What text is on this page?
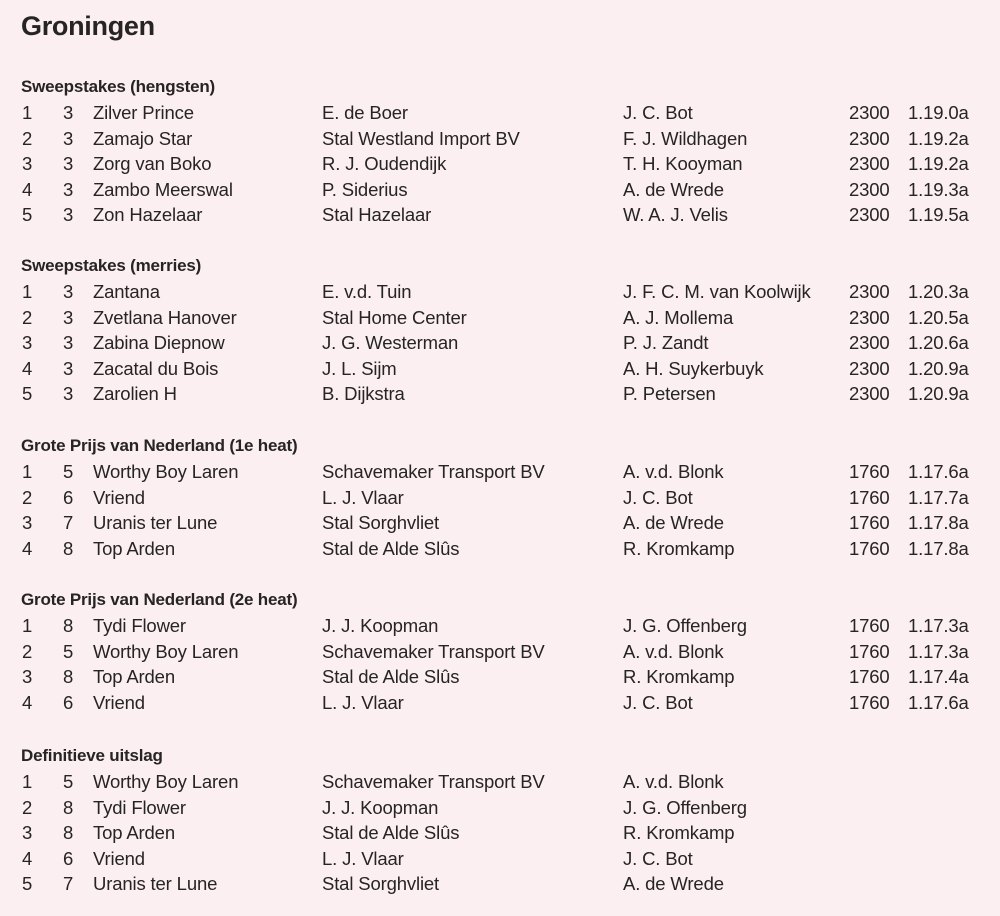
Groningen
Sweepstakes (hengsten)
1 3 Zilver Prince	E. de Boer	J. C. Bot	2300 1.19.0a
2 3 Zamajo Star	Stal Westland Import BV	F. J. Wildhagen	2300 1.19.2a
3 3 Zorg van Boko	R. J. Oudendijk	T. H. Kooyman	2300 1.19.2a
4 3 Zambo Meerswal	P. Siderius	A. de Wrede	2300 1.19.3a
5 3 Zon Hazelaar	Stal Hazelaar	W. A. J. Velis	2300 1.19.5a
Sweepstakes (merries)
1 3 Zantana	E. v.d. Tuin	J. F. C. M. van Koolwijk 2300 1.20.3a
2 3 Zvetlana Hanover	Stal Home Center	A. J. Mollema	2300 1.20.5a
3 3 Zabina Diepnow	J. G. Westerman	P. J. Zandt	2300 1.20.6a
4 3 Zacatal du Bois	J. L. Sijm	A. H. Suykerbuyk	2300 1.20.9a
5 3 Zarolien H	B. Dijkstra	P. Petersen	2300 1.20.9a
Grote Prijs van Nederland (1e heat)
1 5 Worthy Boy Laren	Schavemaker Transport BV	A. v.d. Blonk	1760 1.17.6a
2 6 Vriend	L. J. Vlaar	J. C. Bot	1760 1.17.7a
3 7 Uranis ter Lune	Stal Sorghvliet	A. de Wrede	1760 1.17.8a
4 8 Top Arden	Stal de Alde Slûs	R. Kromkamp	1760 1.17.8a
Grote Prijs van Nederland (2e heat)
1 8 Tydi Flower	J. J. Koopman	J. G. Offenberg	1760 1.17.3a
2 5 Worthy Boy Laren	Schavemaker Transport BV	A. v.d. Blonk	1760 1.17.3a
3 8 Top Arden	Stal de Alde Slûs	R. Kromkamp	1760 1.17.4a
4 6 Vriend	L. J. Vlaar	J. C. Bot	1760 1.17.6a
Definitieve uitslag
1 5 Worthy Boy Laren	Schavemaker Transport BV	A. v.d. Blonk
2 8 Tydi Flower	J. J. Koopman	J. G. Offenberg
3 8 Top Arden	Stal de Alde Slûs	R. Kromkamp
4 6 Vriend	L. J. Vlaar	J. C. Bot
5 7 Uranis ter Lune	Stal Sorghvliet	A. de Wrede
